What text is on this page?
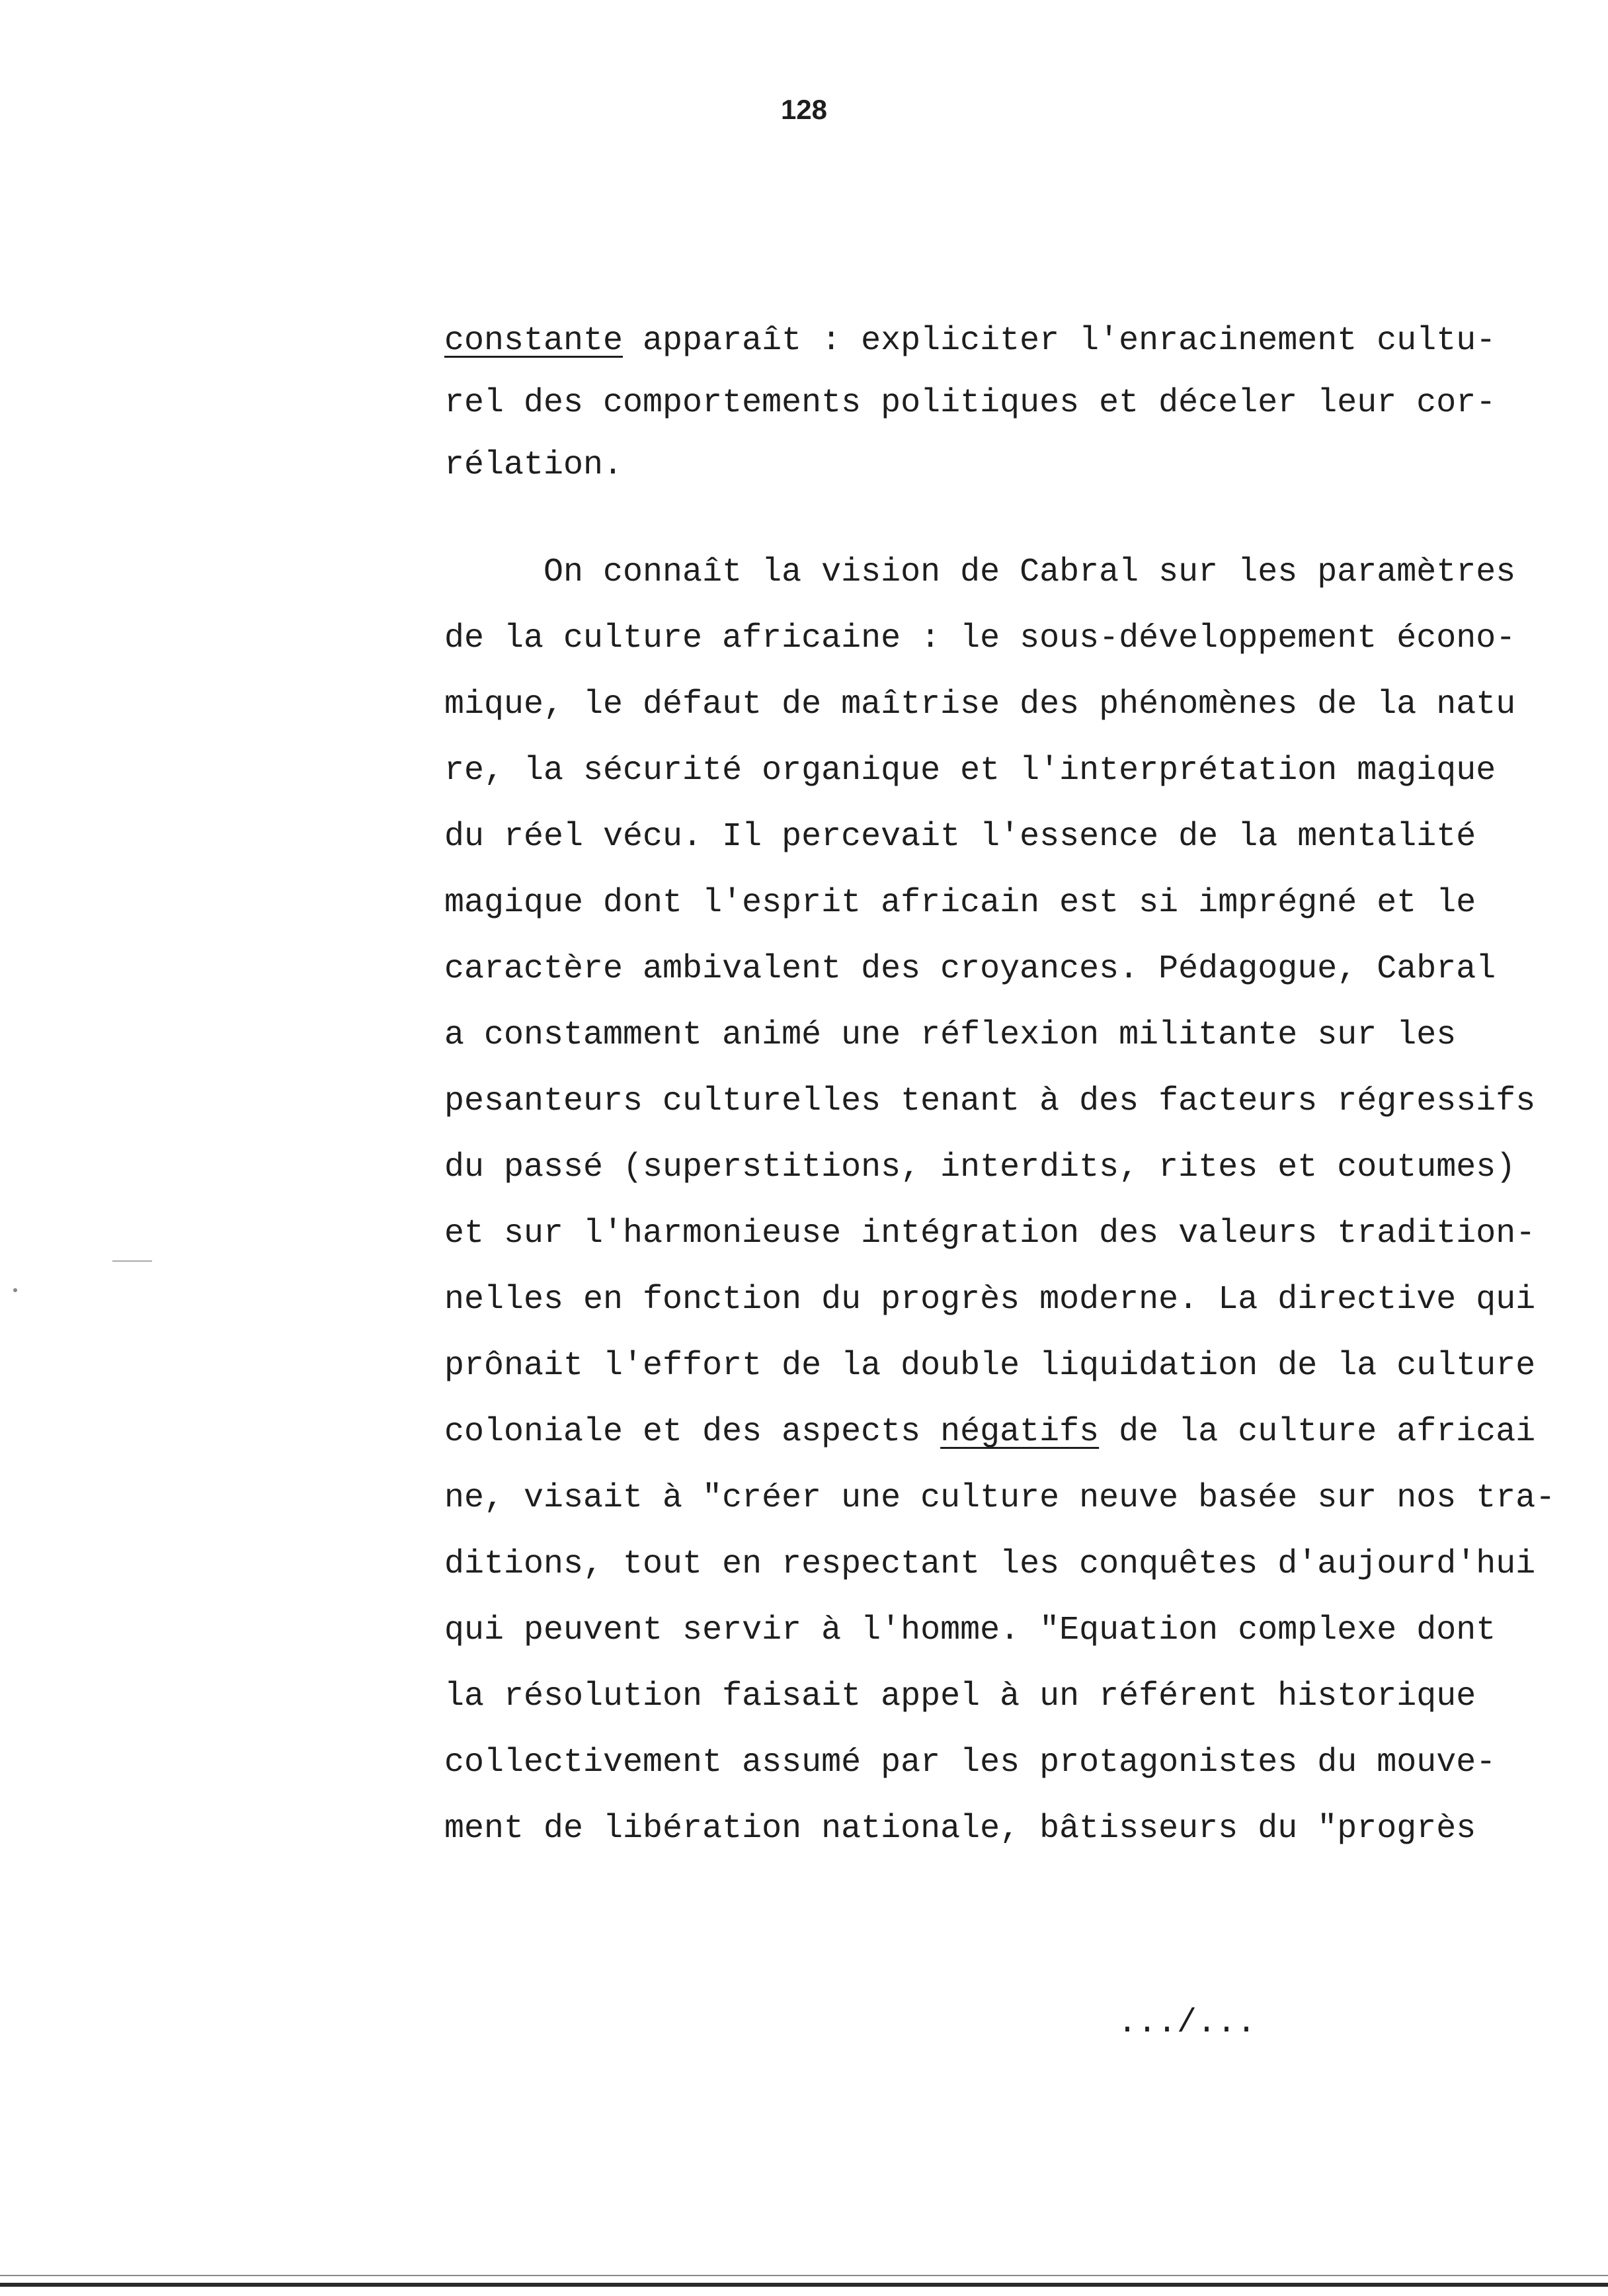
128
constante apparaît : expliciter l'enracinement cultu-
rel des comportements politiques et déceler leur cor-
rélation.
On connaît la vision de Cabral sur les paramètres
de la culture africaine : le sous-développement écono-
mique, le défaut de maîtrise des phénomènes de la natu
re, la sécurité organique et l'interprétation magique
du réel vécu. Il percevait l'essence de la mentalité
magique dont l'esprit africain est si imprégné et le
caractère ambivalent des croyances. Pédagogue, Cabral
a constamment animé une réflexion militante sur les
pesanteurs culturelles tenant à des facteurs régressifs
du passé (superstitions, interdits, rites et coutumes)
et sur l'harmonieuse intégration des valeurs tradition-
nelles en fonction du progrès moderne. La directive qui
prônait l'effort de la double liquidation de la culture
coloniale et des aspects négatifs de la culture africai
ne, visait à "créer une culture neuve basée sur nos tra-
ditions, tout en respectant les conquêtes d'aujourd'hui
qui peuvent servir à l'homme. "Equation complexe dont
la résolution faisait appel à un référent historique
collectivement assumé par les protagonistes du mouve-
ment de libération nationale, bâtisseurs du "progrès
.../...
